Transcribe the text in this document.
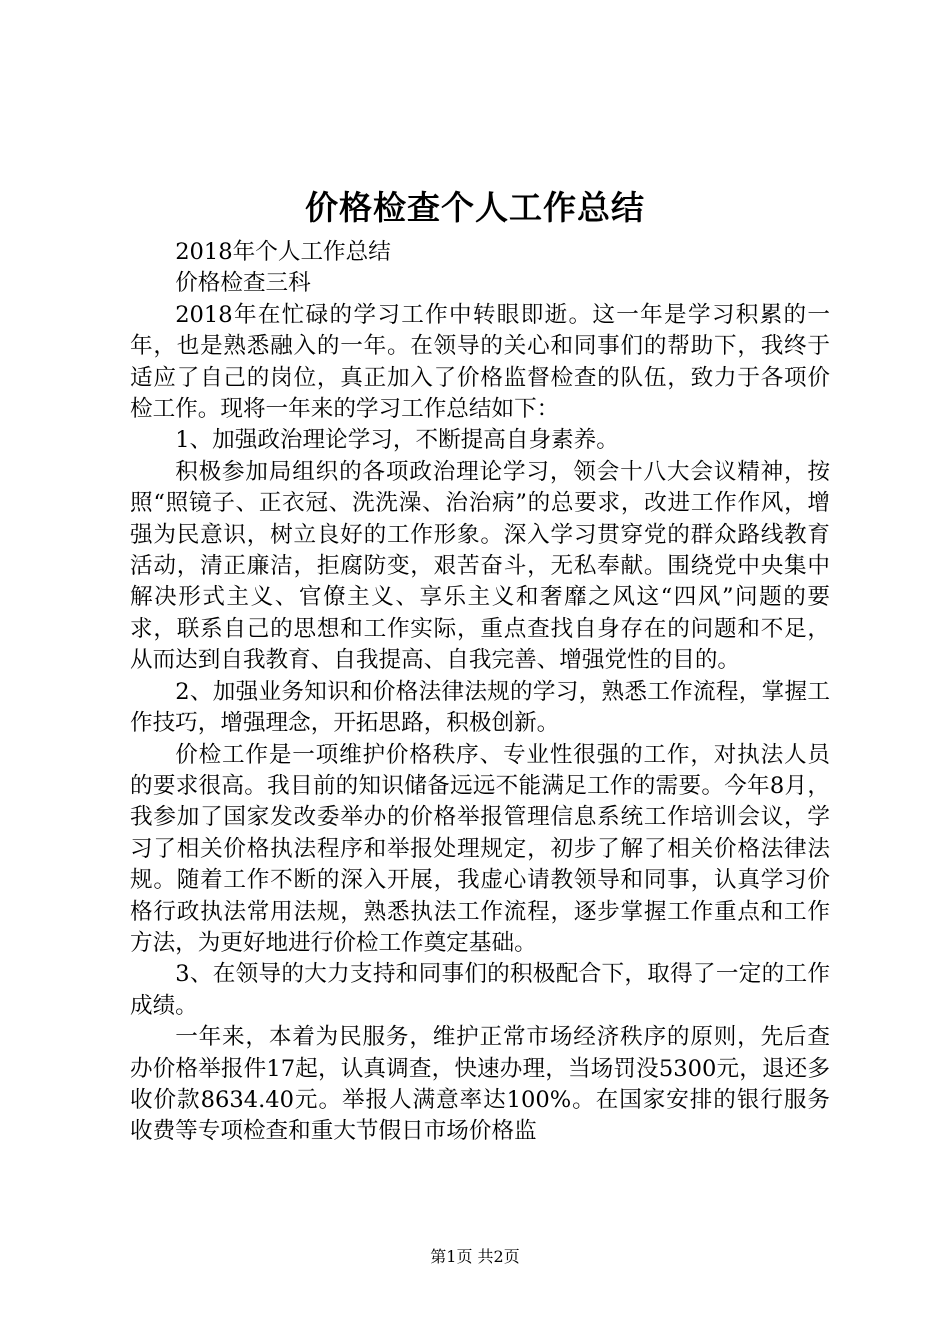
价格检查个人工作总结

2018年个人工作总结

价格检查三科

2018年在忙碌的学习工作中转眼即逝。这一年是学习积累的一年，也是熟悉融入的一年。在领导的关心和同事们的帮助下，我终于适应了自己的岗位，真正加入了价格监督检查的队伍，致力于各项价检工作。现将一年来的学习工作总结如下：

1、加强政治理论学习，不断提高自身素养。

积极参加局组织的各项政治理论学习，领会十八大会议精神，按照“照镜子、正衣冠、洗洗澡、治治病”的总要求，改进工作作风，增强为民意识，树立良好的工作形象。深入学习贯穿党的群众路线教育活动，清正廉洁，拒腐防变，艰苦奋斗，无私奉献。围绕党中央集中解决形式主义、官僚主义、享乐主义和奢靡之风这“四风”问题的要求，联系自己的思想和工作实际，重点查找自身存在的问题和不足，从而达到自我教育、自我提高、自我完善、增强党性的目的。

2、加强业务知识和价格法律法规的学习，熟悉工作流程，掌握工作技巧，增强理念，开拓思路，积极创新。

价检工作是一项维护价格秩序、专业性很强的工作，对执法人员的要求很高。我目前的知识储备远远不能满足工作的需要。今年8月，我参加了国家发改委举办的价格举报管理信息系统工作培训会议，学习了相关价格执法程序和举报处理规定，初步了解了相关价格法律法规。随着工作不断的深入开展，我虚心请教领导和同事，认真学习价格行政执法常用法规，熟悉执法工作流程，逐步掌握工作重点和工作方法，为更好地进行价检工作奠定基础。

3、在领导的大力支持和同事们的积极配合下，取得了一定的工作成绩。

一年来，本着为民服务，维护正常市场经济秩序的原则，先后查办价格举报件17起，认真调查，快速办理，当场罚没5300元，退还多收价款8634.40元。举报人满意率达100%。在国家安排的银行服务收费等专项检查和重大节假日市场价格监

第1页 共2页
